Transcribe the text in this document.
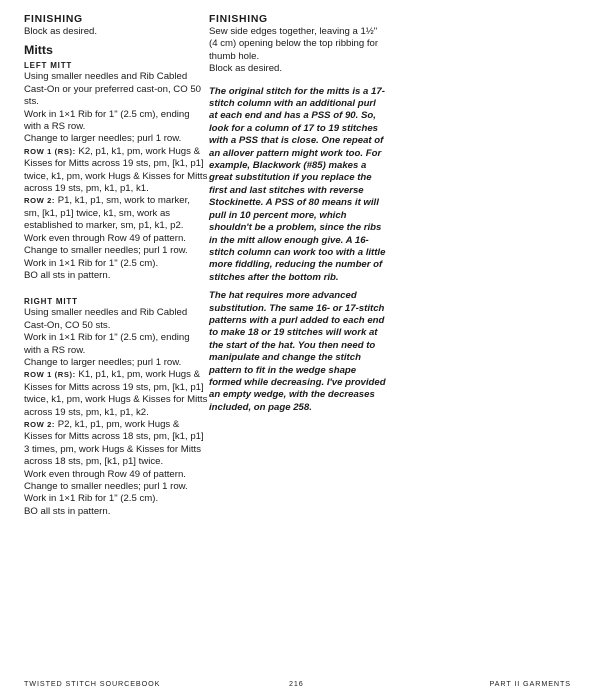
FINISHING
Block as desired.
Mitts
LEFT MITT
Using smaller needles and Rib Cabled Cast-On or your preferred cast-on, CO 50 sts.
Work in 1×1 Rib for 1" (2.5 cm), ending with a RS row.
Change to larger needles; purl 1 row.
ROW 1 (RS): K2, p1, k1, pm, work Hugs & Kisses for Mitts across 19 sts, pm, [k1, p1] twice, k1, pm, work Hugs & Kisses for Mitts across 19 sts, pm, k1, p1, k1.
ROW 2: P1, k1, p1, sm, work to marker, sm, [k1, p1] twice, k1, sm, work as established to marker, sm, p1, k1, p2.
Work even through Row 49 of pattern.
Change to smaller needles; purl 1 row.
Work in 1×1 Rib for 1" (2.5 cm).
BO all sts in pattern.
RIGHT MITT
Using smaller needles and Rib Cabled Cast-On, CO 50 sts.
Work in 1×1 Rib for 1" (2.5 cm), ending with a RS row.
Change to larger needles; purl 1 row.
ROW 1 (RS): K1, p1, k1, pm, work Hugs & Kisses for Mitts across 19 sts, pm, [k1, p1] twice, k1, pm, work Hugs & Kisses for Mitts across 19 sts, pm, k1, p1, k2.
ROW 2: P2, k1, p1, pm, work Hugs & Kisses for Mitts across 18 sts, pm, [k1, p1] 3 times, pm, work Hugs & Kisses for Mitts across 18 sts, pm, [k1, p1] twice.
Work even through Row 49 of pattern.
Change to smaller needles; purl 1 row.
Work in 1×1 Rib for 1" (2.5 cm).
BO all sts in pattern.
FINISHING
Sew side edges together, leaving a 1½" (4 cm) opening below the top ribbing for thumb hole.
Block as desired.
The original stitch for the mitts is a 17-stitch column with an additional purl at each end and has a PSS of 90. So, look for a column of 17 to 19 stitches with a PSS that is close. One repeat of an allover pattern might work too. For example, Blackwork (#85) makes a great substitution if you replace the first and last stitches with reverse Stockinette. A PSS of 80 means it will pull in 10 percent more, which shouldn't be a problem, since the ribs in the mitt allow enough give. A 16-stitch column can work too with a little more fiddling, reducing the number of stitches after the bottom rib.
The hat requires more advanced substitution. The same 16- or 17-stitch patterns with a purl added to each end to make 18 or 19 stitches will work at the start of the hat. You then need to manipulate and change the stitch pattern to fit in the wedge shape formed while decreasing. I've provided an empty wedge, with the decreases included, on page 258.
TWISTED STITCH SOURCEBOOK	216	PART II GARMENTS
